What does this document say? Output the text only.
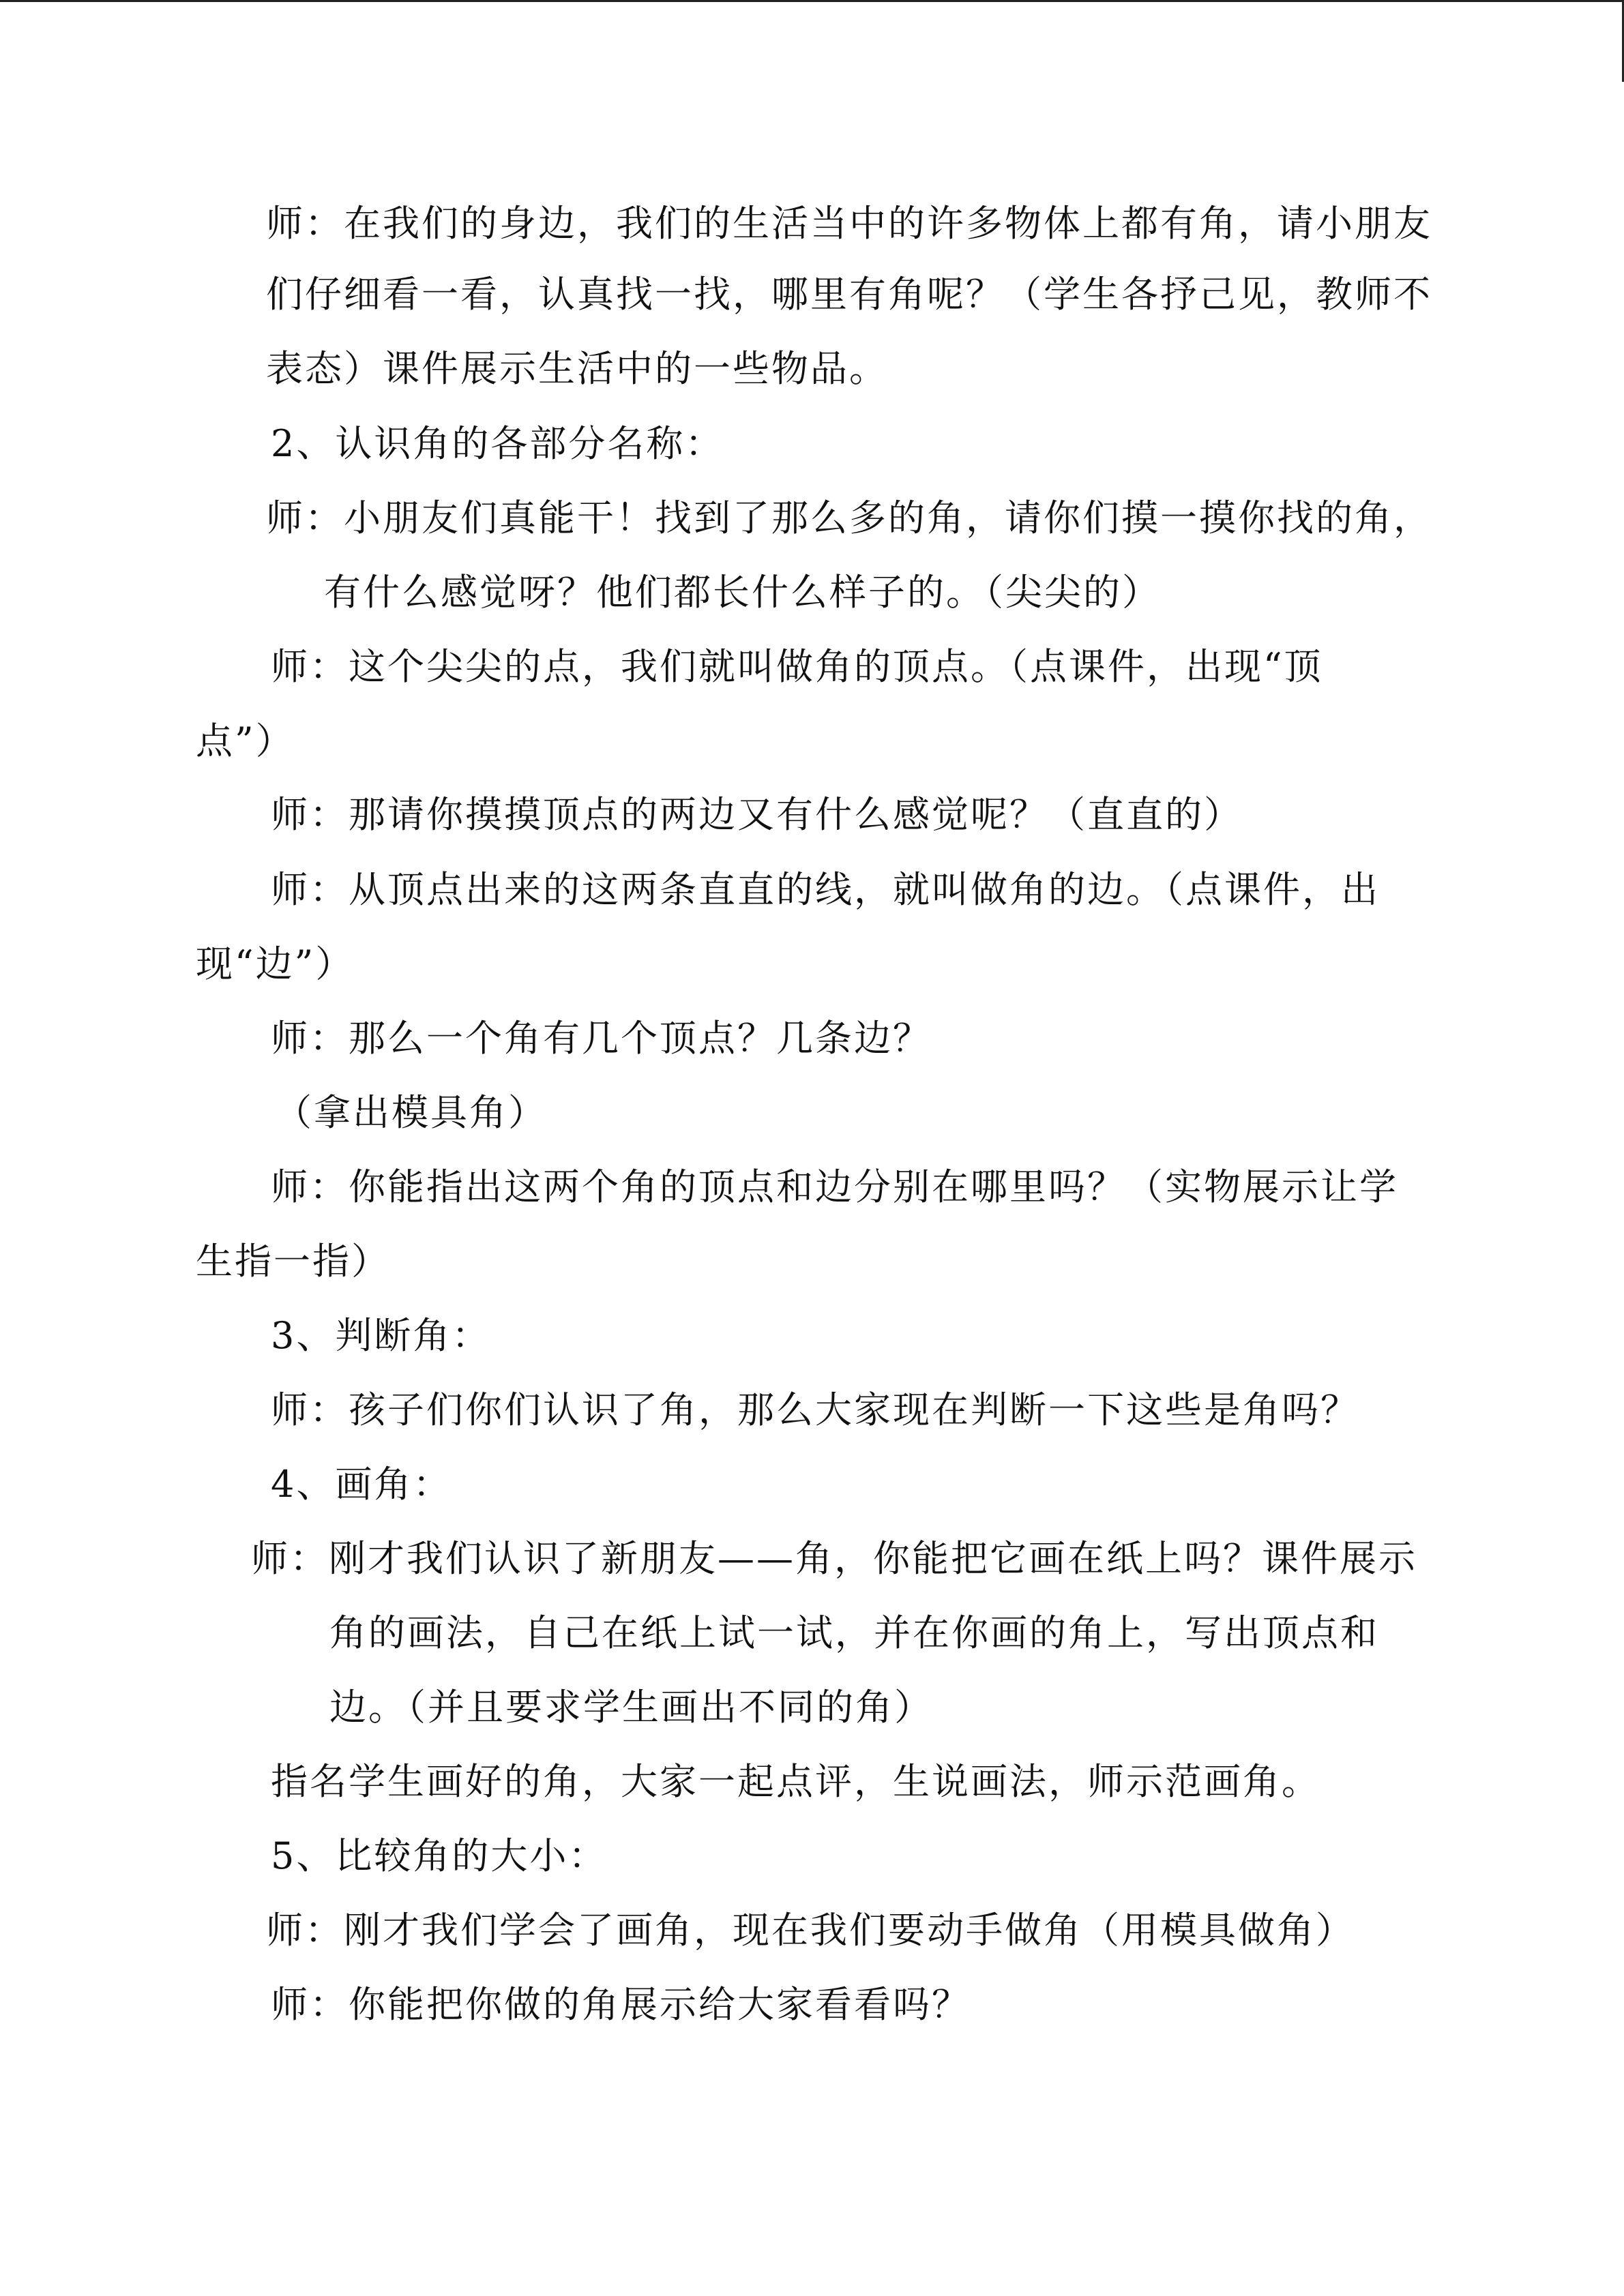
师：在我们的身边，我们的生活当中的许多物体上都有角，请小朋友

们仔细看一看，认真找一找，哪里有角呢？（学生各抒己见，教师不

表态）课件展示生活中的一些物品。

2、认识角的各部分名称：

师：小朋友们真能干！找到了那么多的角，请你们摸一摸你找的角，

有什么感觉呀？他们都长什么样子的。（尖尖的）

师：这个尖尖的点，我们就叫做角的顶点。（点课件，出现“顶

点”）

师：那请你摸摸顶点的两边又有什么感觉呢？（直直的）

师：从顶点出来的这两条直直的线，就叫做角的边。（点课件，出

现“边”）

师：那么一个角有几个顶点？几条边？

（拿出模具角）

师：你能指出这两个角的顶点和边分别在哪里吗？（实物展示让学

生指一指）

3、判断角：

师：孩子们你们认识了角，那么大家现在判断一下这些是角吗？

4、画角：

师：刚才我们认识了新朋友——角，你能把它画在纸上吗？课件展示

角的画法，自己在纸上试一试，并在你画的角上，写出顶点和

边。（并且要求学生画出不同的角）

指名学生画好的角，大家一起点评，生说画法，师示范画角。

5、比较角的大小：

师：刚才我们学会了画角，现在我们要动手做角（用模具做角）

师：你能把你做的角展示给大家看看吗？
